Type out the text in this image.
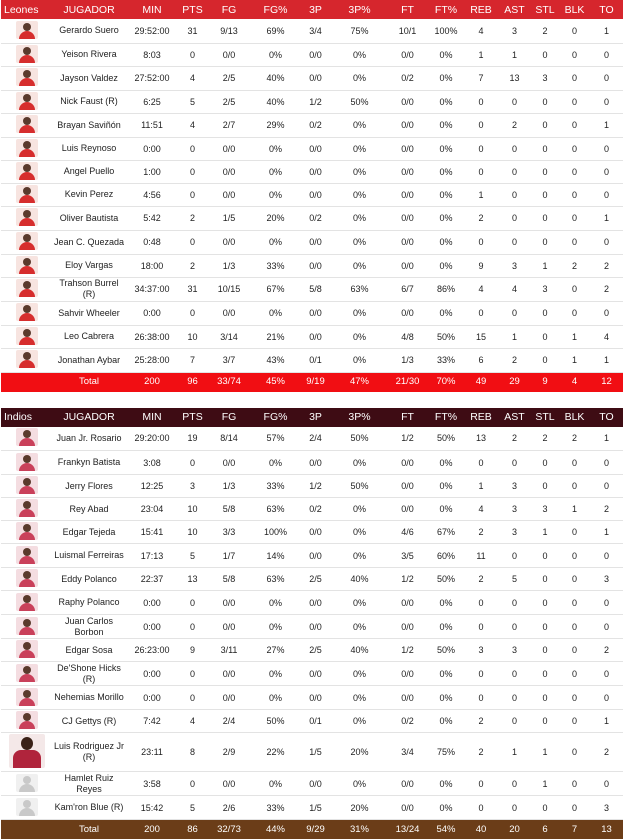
Leones	JUGADOR	MIN	PTS	FG	FG%	3P	3P%	FT	FT%	REB	AST	STL	BLK	TO	

	Gerardo Suero	29:52:00	31	9/13	69%	3/4	75%	10/1	100%	4	3	2	0	1	

	Yeison Rivera	8:03	0	0/0	0%	0/0	0%	0/0	0%	1	1	0	0	0	

	Jayson Valdez	27:52:00	4	2/5	40%	0/0	0%	0/2	0%	7	13	3	0	0	

	Nick Faust (R)	6:25	5	2/5	40%	1/2	50%	0/0	0%	0	0	0	0	0	

	Brayan Saviñón	11:51	4	2/7	29%	0/2	0%	0/0	0%	0	2	0	0	1	

	Luis Reynoso	0:00	0	0/0	0%	0/0	0%	0/0	0%	0	0	0	0	0	

	Angel Puello	1:00	0	0/0	0%	0/0	0%	0/0	0%	0	0	0	0	0	

	Kevin Perez	4:56	0	0/0	0%	0/0	0%	0/0	0%	1	0	0	0	0	

	Oliver Bautista	5:42	2	1/5	20%	0/2	0%	0/0	0%	2	0	0	0	1	

	Jean C. Quezada	0:48	0	0/0	0%	0/0	0%	0/0	0%	0	0	0	0	0	

	Eloy Vargas	18:00	2	1/3	33%	0/0	0%	0/0	0%	9	3	1	2	2	

	Trahson Burrel (R)	34:37:00	31	10/15	67%	5/8	63%	6/7	86%	4	4	3	0	2	

	Sahvir Wheeler	0:00	0	0/0	0%	0/0	0%	0/0	0%	0	0	0	0	0	

	Leo Cabrera	26:38:00	10	3/14	21%	0/0	0%	4/8	50%	15	1	0	1	4	

	Jonathan Aybar	25:28:00	7	3/7	43%	0/1	0%	1/3	33%	6	2	0	1	1	
	Total	200	96	33/74	45%	9/19	47%	21/30	70%	49	29	9	4	12	
Indios	JUGADOR	MIN	PTS	FG	FG%	3P	3P%	FT	FT%	REB	AST	STL	BLK	TO	

	Juan Jr. Rosario	29:20:00	19	8/14	57%	2/4	50%	1/2	50%	13	2	2	2	1	

	Frankyn Batista	3:08	0	0/0	0%	0/0	0%	0/0	0%	0	0	0	0	0	

	Jerry Flores	12:25	3	1/3	33%	1/2	50%	0/0	0%	1	3	0	0	0	

	Rey Abad	23:04	10	5/8	63%	0/2	0%	0/0	0%	4	3	3	1	2	

	Edgar Tejeda	15:41	10	3/3	100%	0/0	0%	4/6	67%	2	3	1	0	1	

	Luismal Ferreiras	17:13	5	1/7	14%	0/0	0%	3/5	60%	11	0	0	0	0	

	Eddy Polanco	22:37	13	5/8	63%	2/5	40%	1/2	50%	2	5	0	0	3	

	Raphy Polanco	0:00	0	0/0	0%	0/0	0%	0/0	0%	0	0	0	0	0	

	Juan Carlos Borbon	0:00	0	0/0	0%	0/0	0%	0/0	0%	0	0	0	0	0	

	Edgar Sosa	26:23:00	9	3/11	27%	2/5	40%	1/2	50%	3	3	0	0	2	

	De'Shone Hicks (R)	0:00	0	0/0	0%	0/0	0%	0/0	0%	0	0	0	0	0	

	Nehemias Morillo	0:00	0	0/0	0%	0/0	0%	0/0	0%	0	0	0	0	0	

	CJ Gettys (R)	7:42	4	2/4	50%	0/1	0%	0/2	0%	2	0	0	0	1	

	Luis Rodriguez Jr (R)	23:11	8	2/9	22%	1/5	20%	3/4	75%	2	1	1	0	2	

	Hamlet Ruiz Reyes	3:58	0	0/0	0%	0/0	0%	0/0	0%	0	0	1	0	0	

	Kam'ron Blue (R)	15:42	5	2/6	33%	1/5	20%	0/0	0%	0	0	0	0	3	
	Total	200	86	32/73	44%	9/29	31%	13/24	54%	40	20	6	7	13	
